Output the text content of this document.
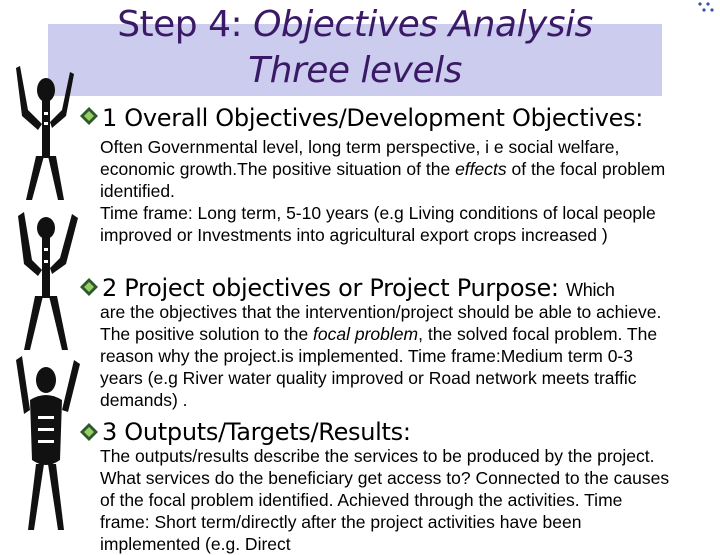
Step 4: Objectives Analysis
Three levels
1 Overall Objectives/Development Objectives:

Often Governmental level, long term perspective, i e social welfare, economic growth.The positive situation of the effects of the focal problem identified.

Time frame: Long term, 5-10 years (e.g Living conditions of local people improved or Investments into agricultural export crops increased )

2 Project objectives or Project Purpose: Which

are the objectives that the intervention/project should be able to achieve. The positive solution to the focal problem, the solved focal problem. The reason why the project.is implemented. Time frame:Medium term 0-3 years (e.g River water quality improved or Road network meets traffic demands) .

3 Outputs/Targets/Results:

The outputs/results describe the services to be produced by the project. What services do the beneficiary get access to? Connected to the causes of the focal problem identified. Achieved through the activities. Time frame: Short term/directly after the project activities have been implemented (e.g. Direct
